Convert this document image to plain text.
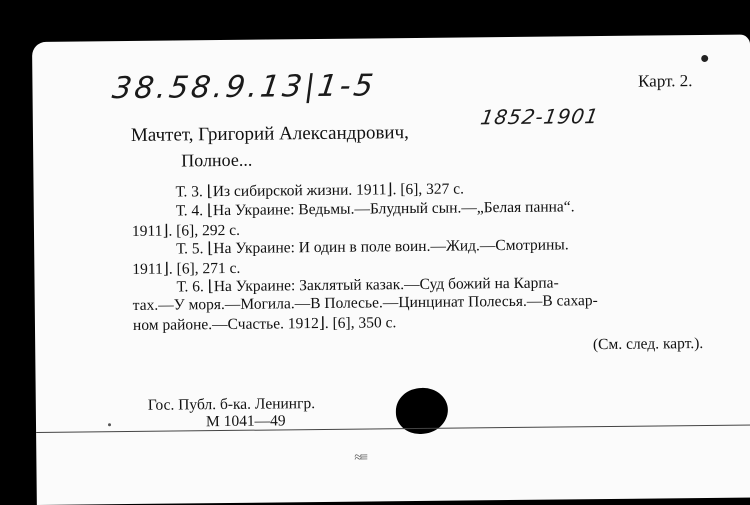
38.58.9.13|1-5	Карт. 2.
Мачтет, Григорий Александрович,
1852-1901
Полное...
Т. 3. ⌊Из сибирской жизни. 1911⌋. [6], 327 с.
Т. 4. ⌊На Украине: Ведьмы.—Блудный сын.—„Белая панна“.
1911⌋. [6], 292 с.
Т. 5. ⌊На Украине: И один в поле воин.—Жид.—Смотрины.
1911⌋. [6], 271 с.
Т. 6. ⌊На Украине: Заклятый казак.—Суд божий на Карпа-
тах.—У моря.—Могила.—В Полесье.—Цинцинат Полесья.—В сахар-
ном районе.—Счастье. 1912⌋. [6], 350 с.
(См. след. карт.).
Гос. Публ. б-ка. Ленингр.
М 1041—49
≈≡
